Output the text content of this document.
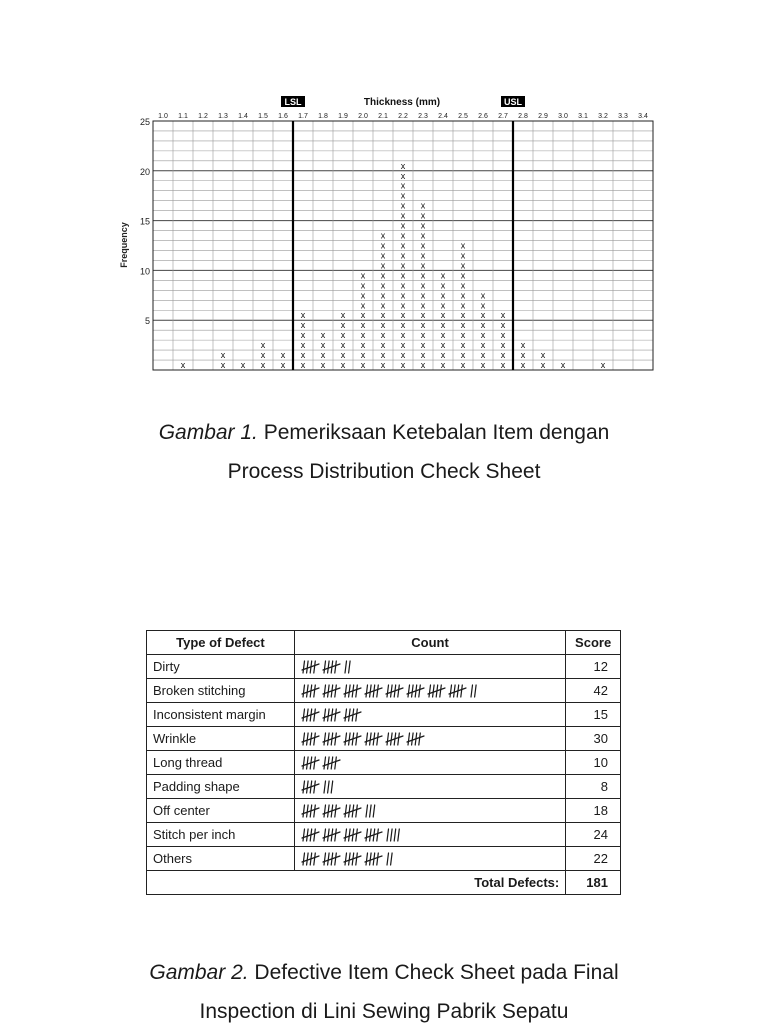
1.0 1.1 1.2 1.3 1.4 1.5 1.6 1.7 1.8 1.9 2.0 2.1 2.2 2.3 2.4 2.5 2.6 2.7 2.8 2.9 3.0 3.1 3.2 3.3 3.4
5
10
15
20
25
Frequency
Thickness (mm)
LSL	USL
x	x
x
x x
x
x
x
x
x
x
x
x
x
x
x
x
x
x
x
x
x
x
x
x
x
x
x
x
x
x
x
x
x
x
x
x
x
x
x
x
x
x
x
x
x
x
x
x
x
x
x
x
x
x
x
x
x
x
x
x
x
x
x
x
x
x
x
x
x
x
x
x
x
x
x
x
x
x
x
x
x
x
x
x
x
x
x
x
x
x
x
x
x
x
x
x
x
x
x
x
x
x
x
x
x
x
x
x
x
x
x
x
x
x
x
x
x
x
x
x
x
x
x
x
x
x
x
x
x	x
Gambar 1. Pemeriksaan Ketebalan Item dengan
Process Distribution Check Sheet
Type of Defect	Count	Score
Dirty		12
Broken stitching		42
Inconsistent margin		15
Wrinkle		30
Long thread		10
Padding shape		8
Off center		18
Stitch per inch		24
Others		22
Total Defects:		181
Gambar 2. Defective Item Check Sheet pada Final
Inspection di Lini Sewing Pabrik Sepatu
